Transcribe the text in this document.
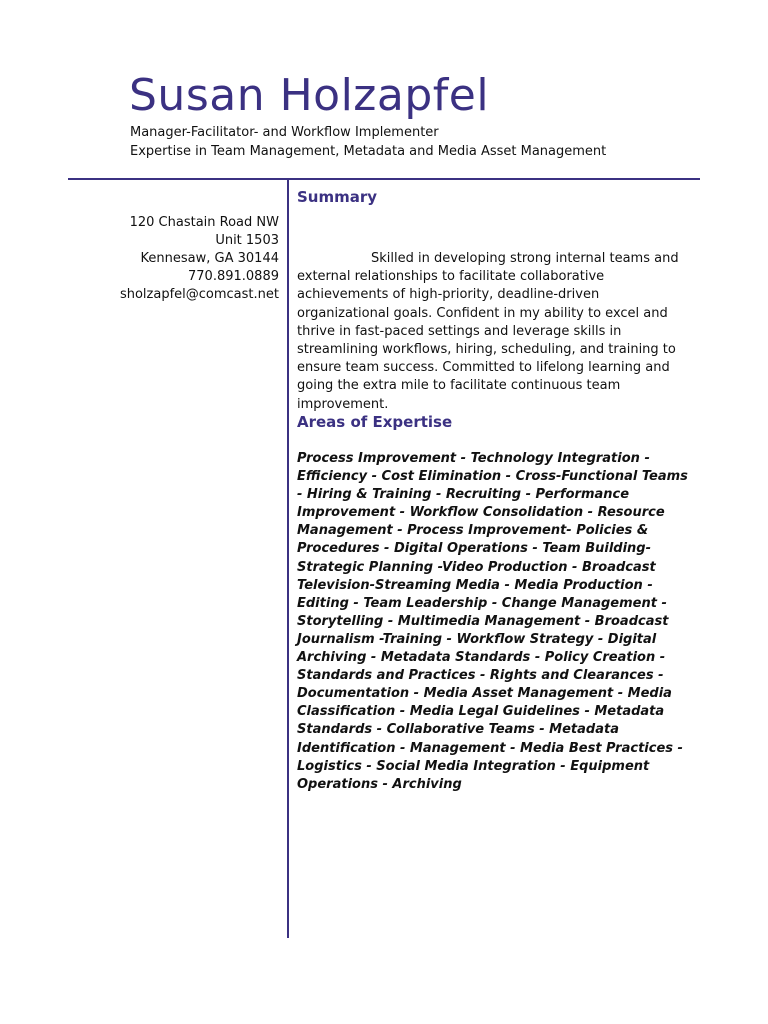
Susan Holzapfel

Manager-Facilitator- and Workflow Implementer

Expertise in Team Management, Metadata and Media Asset Management

120 Chastain Road NW
Unit 1503
Kennesaw, GA 30144
770.891.0889
sholzapfel@comcast.net
Summary

Skilled in developing strong internal teams and external relationships to facilitate collaborative achievements of high-priority, deadline-driven organizational goals. Confident in my ability to excel and thrive in fast-paced settings and leverage skills in streamlining workflows, hiring, scheduling, and training to ensure team success. Committed to lifelong learning and going the extra mile to facilitate continuous team improvement.

Areas of Expertise

Process Improvement - Technology Integration - Efficiency - Cost Elimination - Cross-Functional Teams - Hiring & Training - Recruiting - Performance Improvement - Workflow Consolidation - Resource Management - Process Improvement- Policies & Procedures - Digital Operations - Team Building- Strategic Planning -Video Production - Broadcast Television-Streaming Media - Media Production - Editing - Team Leadership - Change Management - Storytelling - Multimedia Management - Broadcast Journalism -Training - Workflow Strategy - Digital Archiving - Metadata Standards - Policy Creation - Standards and Practices - Rights and Clearances - Documentation - Media Asset Management - Media Classification - Media Legal Guidelines - Metadata Standards - Collaborative Teams - Metadata Identification - Management - Media Best Practices - Logistics - Social Media Integration - Equipment Operations - Archiving
